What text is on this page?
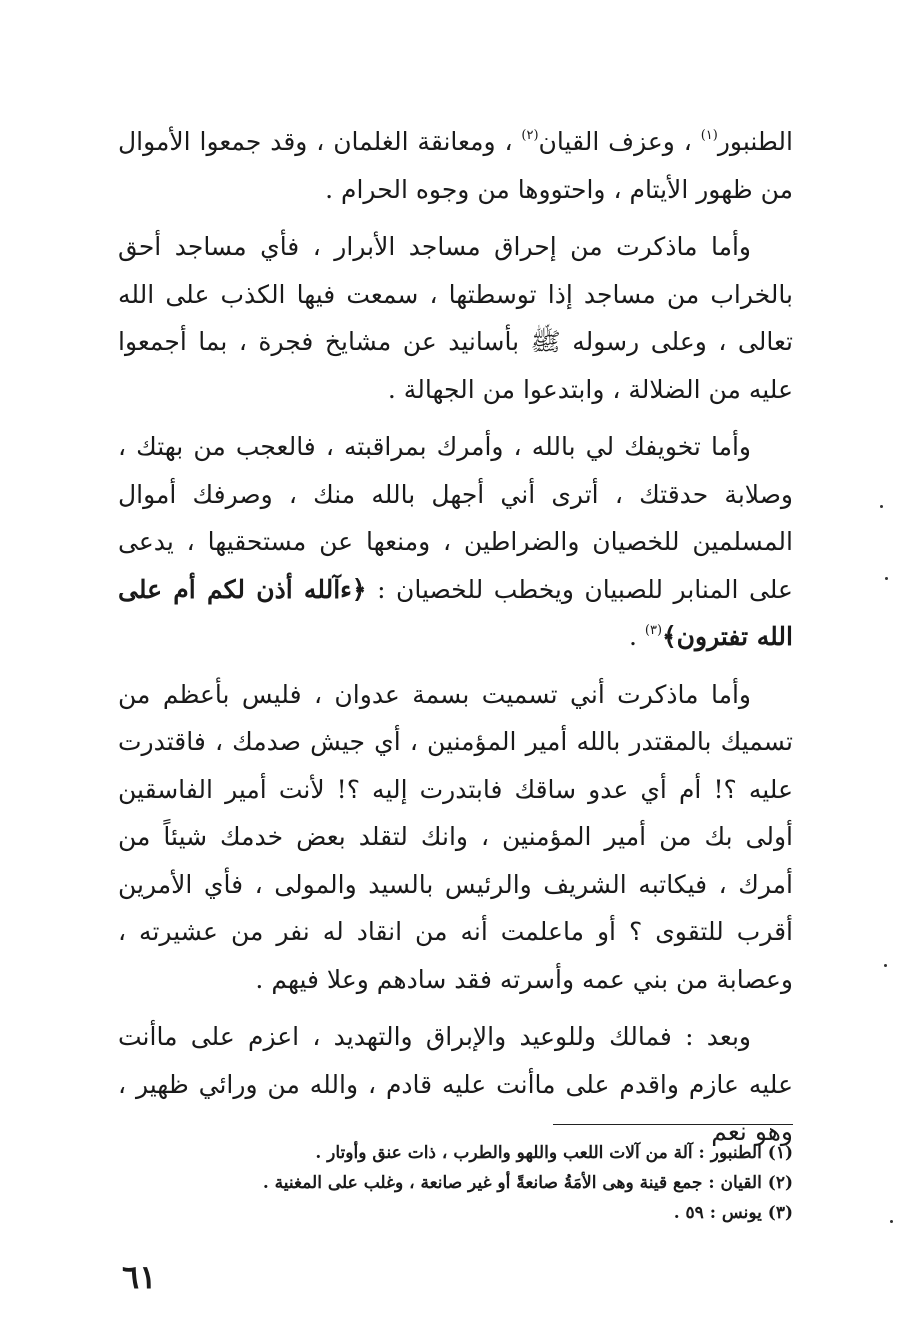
الطنبور$^{(١)}$ ، وعزف القيان$^{(٢)}$ ، ومعانقة الغلمان ، وقد جمعوا الأموال من ظهور الأيتام ، واحتووها من وجوه الحرام .

وأما ماذكرت من إحراق مساجد الأبرار ، فأي مساجد أحق بالخراب من مساجد إذا توسطتها ، سمعت فيها الكذب على الله تعالى ، وعلى رسوله ﷺ بأسانيد عن مشايخ فجرة ، بما أجمعوا عليه من الضلالة ، وابتدعوا من الجهالة .

وأما تخويفك لي بالله ، وأمرك بمراقبته ، فالعجب من بهتك ، وصلابة حدقتك ، أترى أني أجهل بالله منك ، وصرفك أموال المسلمين للخصيان والضراطين ، ومنعها عن مستحقيها ، يدعى على المنابر للصبيان ويخطب للخصيان : ﴿ءآلله أذن لكم أم على الله تفترون﴾$^{(٣)}$ .

وأما ماذكرت أني تسميت بسمة عدوان ، فليس بأعظم من تسميك بالمقتدر بالله أمير المؤمنين ، أي جيش صدمك ، فاقتدرت عليه ؟! أم أي عدو ساقك فابتدرت إليه ؟! لأنت أمير الفاسقين أولى بك من أمير المؤمنين ، وانك لتقلد بعض خدمك شيئاً من أمرك ، فيكاتبه الشريف والرئيس بالسيد والمولى ، فأي الأمرين أقرب للتقوى ؟ أو ماعلمت أنه من انقاد له نفر من عشيرته ، وعصابة من بني عمه وأسرته فقد سادهم وعلا فيهم .

وبعد : فمالك وللوعيد والإبراق والتهديد ، اعزم على ماأنت عليه عازم واقدم على ماأنت عليه قادم ، والله من ورائي ظهير ، وهو نعم

(١) الطنبور : آلة من آلات اللعب واللهو والطرب ، ذات عنق وأوتار .
(٢) القيان : جمع قينة وهى الأمَةُ صانعةً أو غير صانعة ، وغلب على المغنية .
(٣) يونس : ٥٩ .
٦١
